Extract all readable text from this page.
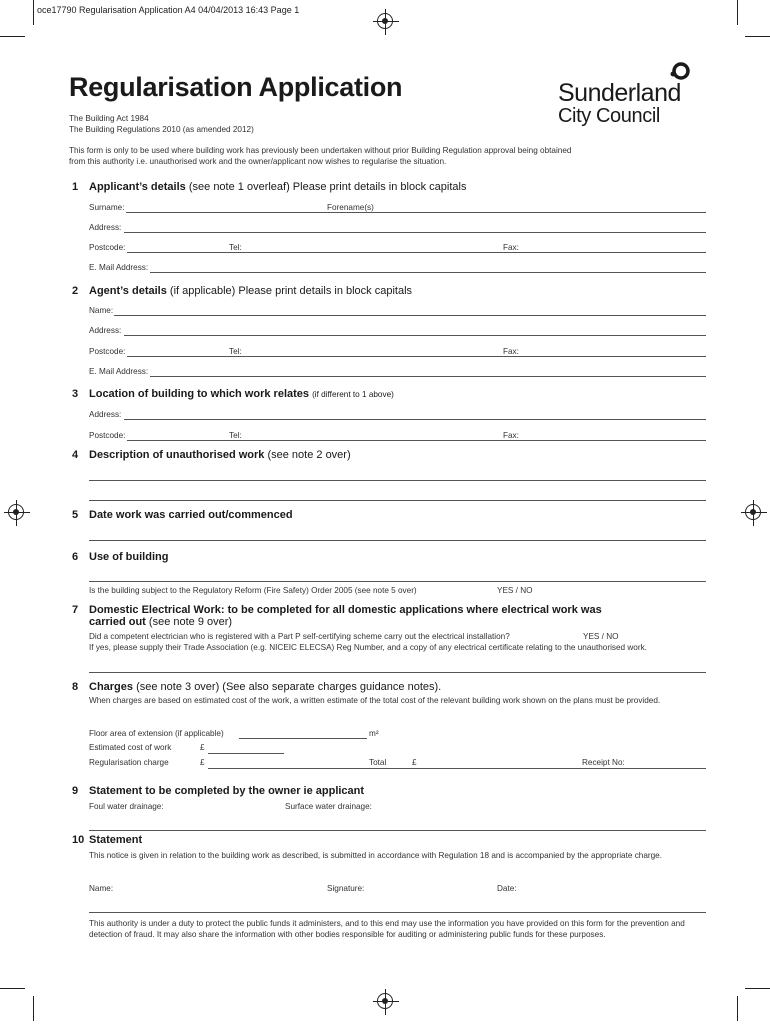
oce17790 Regularisation Application A4 04/04/2013 16:43 Page 1
Regularisation Application	Sunderland
City Council
The Building Act 1984
The Building Regulations 2010 (as amended 2012)
This form is only to be used where building work has previously been undertaken without prior Building Regulation approval being obtained from this authority i.e. unauthorised work and the owner/applicant now wishes to regularise the situation.
1 Applicant’s details (see note 1 overleaf) Please print details in block capitals
Surname:	Forename(s)
Address:
Postcode:	Tel:	Fax:
E. Mail Address:
2 Agent’s details (if applicable) Please print details in block capitals
Name:
Address:
Postcode:	Tel:	Fax:
E. Mail Address:
3 Location of building to which work relates (if different to 1 above)
Address:
Postcode:	Tel:	Fax:
4 Description of unauthorised work (see note 2 over)
5 Date work was carried out/commenced
6 Use of building
Is the building subject to the Regulatory Reform (Fire Safety) Order 2005 (see note 5 over)	YES / NO
7 Domestic Electrical Work: to be completed for all domestic applications where electrical work was
carried out (see note 9 over)
Did a competent electrician who is registered with a Part P self-certifying scheme carry out the electrical installation?	YES / NO
If yes, please supply their Trade Association (e.g. NICEIC ELECSA) Reg Number, and a copy of any electrical certificate relating to the unauthorised work.
8 Charges (see note 3 over) (See also separate charges guidance notes).
When charges are based on estimated cost of the work, a written estimate of the total cost of the relevant building work shown on the plans must be provided.
Floor area of extension (if applicable)	m²
Estimated cost of work	£
Regularisation charge	£	Total	£	Receipt No:
9 Statement to be completed by the owner ie applicant
Foul water drainage:	Surface water drainage:
10 Statement
This notice is given in relation to the building work as described, is submitted in accordance with Regulation 18 and is accompanied by the appropriate charge.
Name:	Signature:	Date:
This authority is under a duty to protect the public funds it administers, and to this end may use the information you have provided on this form for the prevention and detection of fraud. It may also share the information with other bodies responsible for auditing or administering public funds for these purposes.
